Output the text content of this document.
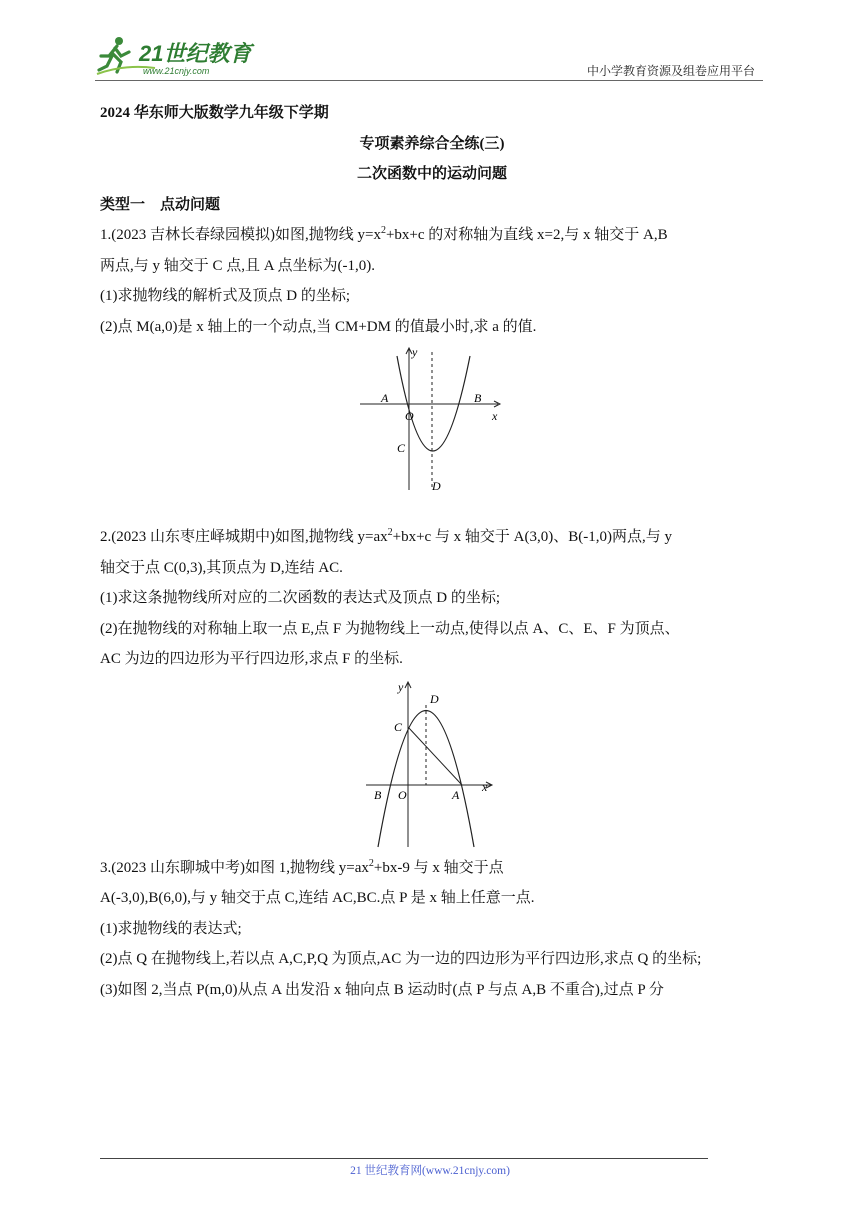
21世纪教育
www.21cnjy.com	中小学教育资源及组卷应用平台

2024 华东师大版数学九年级下学期

专项素养综合全练(三)

二次函数中的运动问题

类型一　点动问题

1.(2023 吉林长春绿园模拟)如图,抛物线 $y=x^2+bx+c$ 的对称轴为直线 x=2,与 x 轴交于 A,B

两点,与 y 轴交于 C 点,且 A 点坐标为(-1,0).

(1)求抛物线的解析式及顶点 D 的坐标;

(2)点 M(a,0)是 x 轴上的一个动点,当 CM+DM 的值最小时,求 a 的值.

y
x
A	B
O
C
D

2.(2023 山东枣庄峄城期中)如图,抛物线 $y=ax^2+bx+c$ 与 x 轴交于 A(3,0)、B(-1,0)两点,与 y

轴交于点 C(0,3),其顶点为 D,连结 AC.

(1)求这条抛物线所对应的二次函数的表达式及顶点 D 的坐标;

(2)在抛物线的对称轴上取一点 E,点 F 为抛物线上一动点,使得以点 A、C、E、F 为顶点、

AC 为边的四边形为平行四边形,求点 F 的坐标.

y
x
B O	A
C
D

3.(2023 山东聊城中考)如图 1,抛物线 $y=ax^2+bx-9$ 与 x 轴交于点

A(-3,0),B(6,0),与 y 轴交于点 C,连结 AC,BC.点 P 是 x 轴上任意一点.

(1)求抛物线的表达式;

(2)点 Q 在抛物线上,若以点 A,C,P,Q 为顶点,AC 为一边的四边形为平行四边形,求点 Q 的坐标;

(3)如图 2,当点 P(m,0)从点 A 出发沿 x 轴向点 B 运动时(点 P 与点 A,B 不重合),过点 P 分

21 世纪教育网(www.21cnjy.com)
